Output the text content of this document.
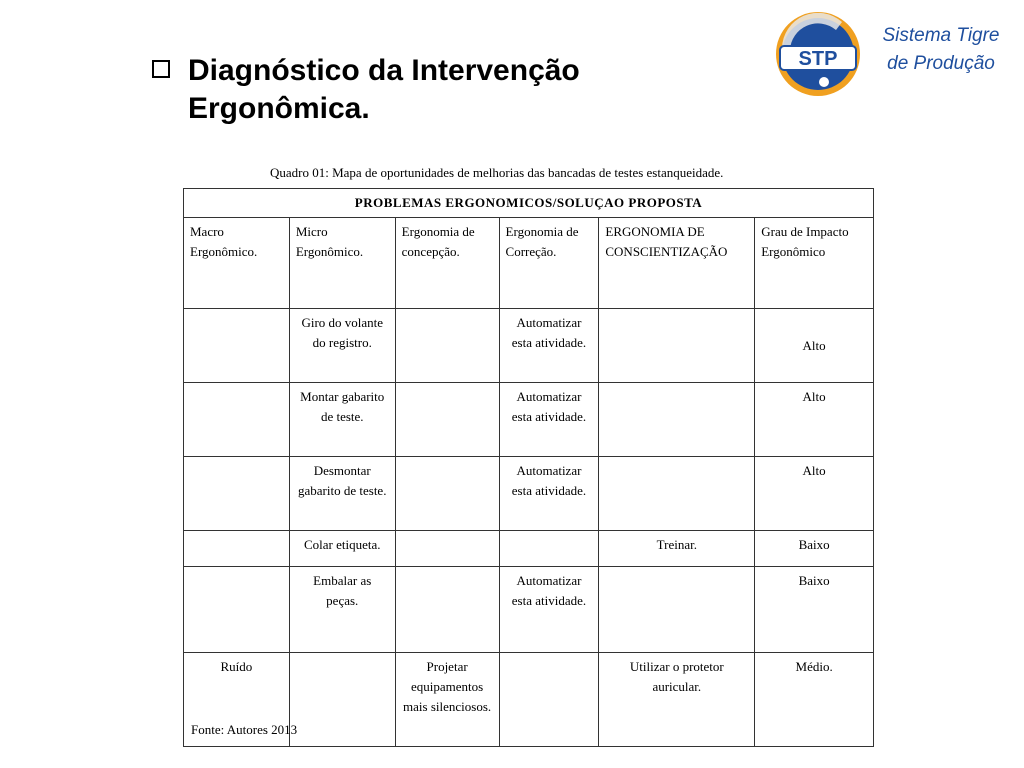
Diagnóstico da Intervenção
Ergonômica.
STP
Sistema Tigre
de Produção
Quadro 01: Mapa de oportunidades de melhorias das bancadas de testes estanqueidade.
PROBLEMAS ERGONOMICOS/SOLUÇAO PROPOSTA					
Macro Ergonômico.	Micro Ergonômico.	Ergonomia de concepção.	Ergonomia de Correção.	ERGONOMIA DE CONSCIENTIZAÇÃO	Grau de Impacto Ergonômico
	Giro do volante do registro.		Automatizar esta atividade.		Alto
	Montar gabarito de teste.		Automatizar esta atividade.		Alto
	Desmontar gabarito de teste.		Automatizar esta atividade.		Alto
	Colar etiqueta.			Treinar.	Baixo
	Embalar as peças.		Automatizar esta atividade.		Baixo
Ruído		Projetar equipamentos mais silenciosos.		Utilizar o protetor auricular.	Médio.
Fonte: Autores 2013
